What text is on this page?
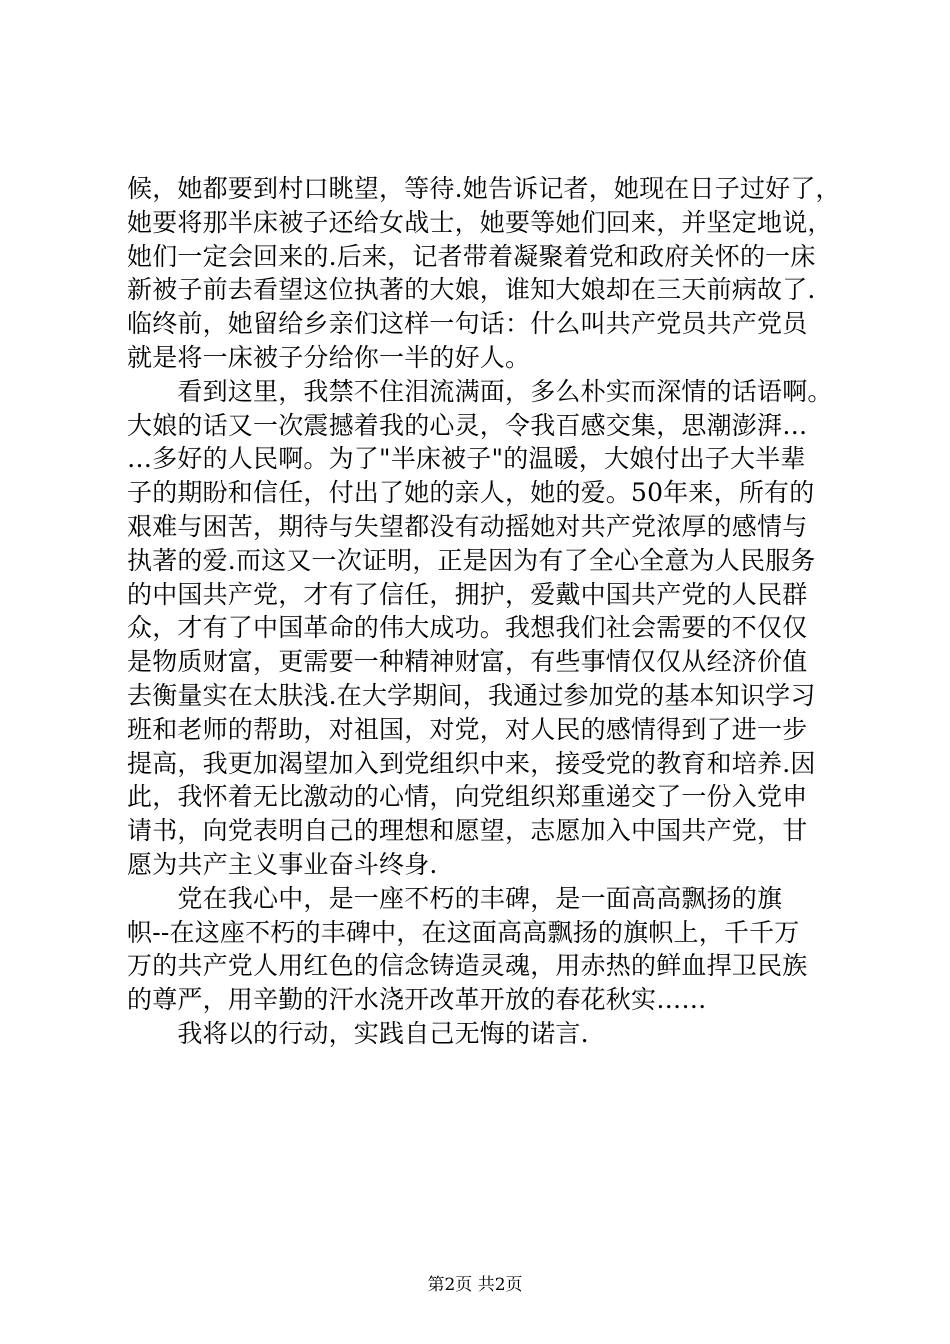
候，她都要到村口眺望，等待.她告诉记者，她现在日子过好了，
她要将那半床被子还给女战士，她要等她们回来，并坚定地说，
她们一定会回来的.后来，记者带着凝聚着党和政府关怀的一床
新被子前去看望这位执著的大娘，谁知大娘却在三天前病故了.
临终前，她留给乡亲们这样一句话：什么叫共产党员共产党员
就是将一床被子分给你一半的好人。
　　看到这里，我禁不住泪流满面，多么朴实而深情的话语啊。
大娘的话又一次震撼着我的心灵，令我百感交集，思潮澎湃…
…多好的人民啊。为了"半床被子"的温暖，大娘付出子大半辈
子的期盼和信任，付出了她的亲人，她的爱。50年来，所有的
艰难与困苦，期待与失望都没有动摇她对共产党浓厚的感情与
执著的爱.而这又一次证明，正是因为有了全心全意为人民服务
的中国共产党，才有了信任，拥护，爱戴中国共产党的人民群
众，才有了中国革命的伟大成功。我想我们社会需要的不仅仅
是物质财富，更需要一种精神财富，有些事情仅仅从经济价值
去衡量实在太肤浅.在大学期间，我通过参加党的基本知识学习
班和老师的帮助，对祖国，对党，对人民的感情得到了进一步
提高，我更加渴望加入到党组织中来，接受党的教育和培养.因
此，我怀着无比激动的心情，向党组织郑重递交了一份入党申
请书，向党表明自己的理想和愿望，志愿加入中国共产党，甘
愿为共产主义事业奋斗终身.
　　党在我心中，是一座不朽的丰碑，是一面高高飘扬的旗
帜--在这座不朽的丰碑中，在这面高高飘扬的旗帜上，千千万
万的共产党人用红色的信念铸造灵魂，用赤热的鲜血捍卫民族
的尊严，用辛勤的汗水浇开改革开放的春花秋实……
　　我将以的行动，实践自己无悔的诺言.
第2页 共2页
